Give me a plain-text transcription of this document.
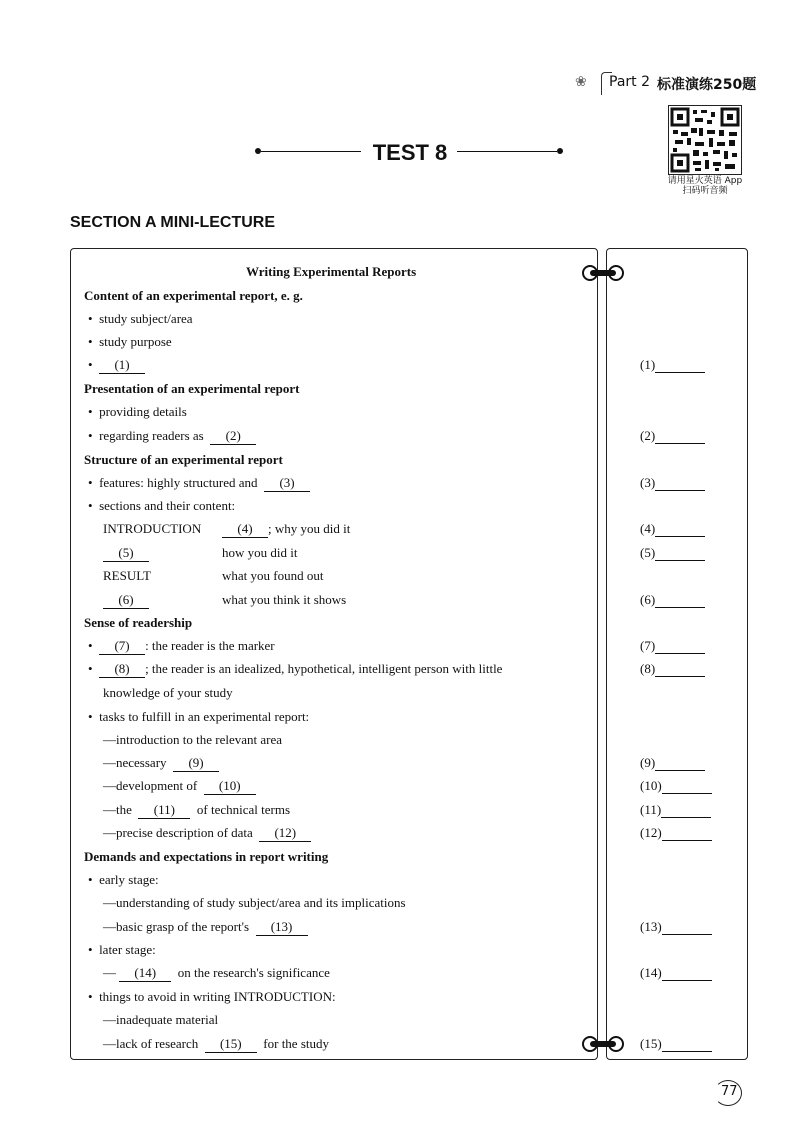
❀ Part 2 标准演练250题
请用星火英语 App
扫码听音频
TEST 8
SECTION A MINI-LECTURE
Writing Experimental Reports
Content of an experimental report, e. g.
•  study subject/area
•  study purpose
•  (1)
Presentation of an experimental report
•  providing details
•  regarding readers as (2)
Structure of an experimental report
•  features: highly structured and (3)
•  sections and their content:
INTRODUCTION	(4) ; why you did it
(5)	how you did it
RESULT	what you found out
(6)	what you think it shows
Sense of readership
•  (7) : the reader is the marker
•  (8) ; the reader is an idealized, hypothetical, intelligent person with little
knowledge of your study
•  tasks to fulfill in an experimental report:
—introduction to the relevant area
—necessary (9)
—development of (10)
—the (11) of technical terms
—precise description of data (12)
Demands and expectations in report writing
•  early stage:
—understanding of study subject/area and its implications
—basic grasp of the report's (13)
•  later stage:
— (14) on the research's significance
•  things to avoid in writing INTRODUCTION:
—inadequate material
—lack of research (15) for the study
(1)
(2)
(3)
(4)
(5)
(6)
(7)
(8)
(9)
(10)
(11)
(12)
(13)
(14)
(15)
77
